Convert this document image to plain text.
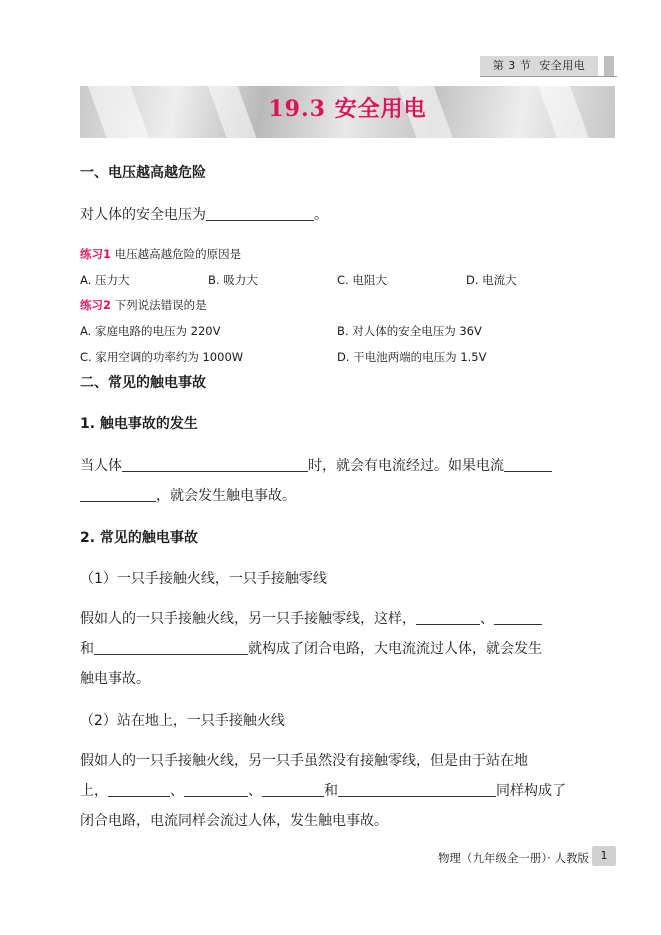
第 3 节 安全用电
19.3 安全用电
一、电压越高越危险
对人体的安全电压为	。
练习1 电压越高越危险的原因是
A. 压力大	B. 吸力大	C. 电阻大	D. 电流大
练习2 下列说法错误的是
A. 家庭电路的电压为 220V	B. 对人体的安全电压为 36V
C. 家用空调的功率约为 1000W	D. 干电池两端的电压为 1.5V
二、常见的触电事故
1. 触电事故的发生
当人体	时，就会有电流经过。如果电流
，就会发生触电事故。
2. 常见的触电事故
（1）一只手接触火线，一只手接触零线
假如人的一只手接触火线，另一只手接触零线，这样，	、
和	就构成了闭合电路，大电流流过人体，就会发生
触电事故。
（2）站在地上，一只手接触火线
假如人的一只手接触火线，另一只手虽然没有接触零线，但是由于站在地
上，	、	、	和	同样构成了
闭合电路，电流同样会流过人体，发生触电事故。
物理（九年级全一册）· 人教版	1
